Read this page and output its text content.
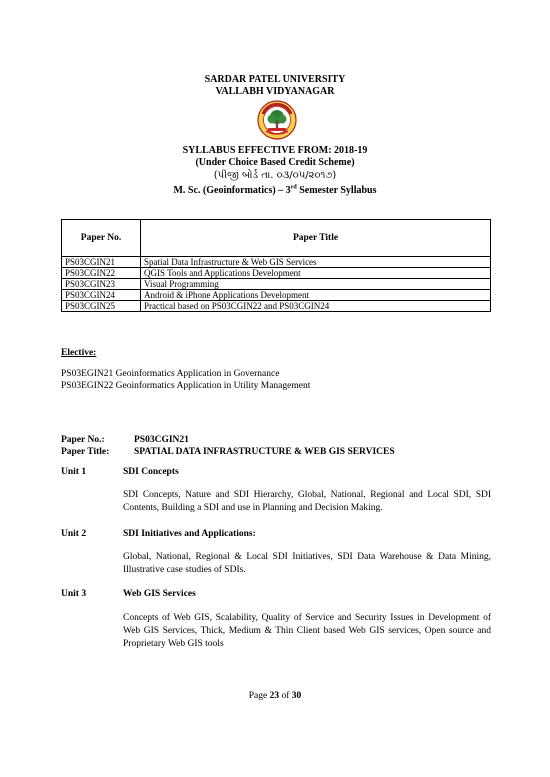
SARDAR PATEL UNIVERSITY
VALLABH VIDYANAGAR
SYLLABUS EFFECTIVE FROM: 2018-19
(Under Choice Based Credit Scheme)
(પીજી બોર્ડ તા. ૦૩/૦૫/૨૦૧૭)
M. Sc. (Geoinformatics) – 3rd Semester Syllabus
Paper No.	Paper Title
PS03CGIN21	Spatial Data Infrastructure & Web GIS Services
PS03CGIN22	QGIS Tools and Applications Development
PS03CGIN23	Visual Programming
PS03CGIN24	Android & iPhone Applications Development
PS03CGIN25	Practical based on PS03CGIN22 and PS03CGIN24
Elective:
PS03EGIN21 Geoinformatics Application in Governance
PS03EGIN22 Geoinformatics Application in Utility Management
Paper No.:	PS03CGIN21
Paper Title:	SPATIAL DATA INFRASTRUCTURE & WEB GIS SERVICES
Unit 1	SDI Concepts
SDI Concepts, Nature and SDI Hierarchy, Global, National, Regional and Local SDI, SDI Contents, Building a SDI and use in Planning and Decision Making.
Unit 2	SDI Initiatives and Applications:
Global, National, Regional & Local SDI Initiatives, SDI Data Warehouse & Data Mining, Illustrative case studies of SDIs.
Unit 3	Web GIS Services
Concepts of Web GIS, Scalability, Quality of Service and Security Issues in Development of Web GIS Services, Thick, Medium & Thin Client based Web GIS services, Open source and Proprietary Web GIS tools
Page 23 of 30
